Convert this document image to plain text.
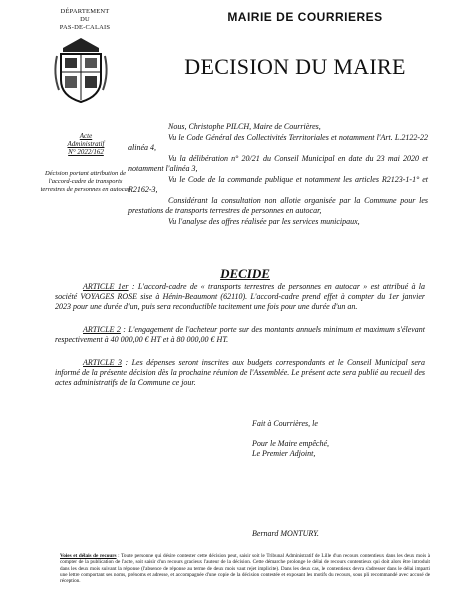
DÉPARTEMENT
DU
PAS-DE-CALAIS
MAIRIE DE COURRIERES
DECISION DU MAIRE
Acte
Administratif
N° 2022/162
Décision portant attribution de l'accord-cadre de transports terrestres de personnes en autocar

Nous, Christophe PILCH, Maire de Courrières,

Vu le Code Général des Collectivités Territoriales et notamment l'Art. L.2122-22 alinéa 4,

Vu la délibération n° 20/21 du Conseil Municipal en date du 23 mai 2020 et notamment l'alinéa 3,

Vu le Code de la commande publique et notamment les articles R2123-1-1° et R2162-3,

Considérant la consultation non allotie organisée par la Commune pour les prestations de transports terrestres de personnes en autocar,

Vu l'analyse des offres réalisée par les services municipaux,

DECIDE

ARTICLE 1er : L'accord-cadre de « transports terrestres de personnes en autocar » est attribué à la société VOYAGES ROSE sise à Hénin-Beaumont (62110). L'accord-cadre prend effet à compter du 1er janvier 2023 pour une durée d'un, puis sera reconductible tacitement une fois pour une durée d'un an.

ARTICLE 2 : L'engagement de l'acheteur porte sur des montants annuels minimum et maximum s'élevant respectivement à 40 000,00 € HT et à 80 000,00 € HT.

ARTICLE 3 : Les dépenses seront inscrites aux budgets correspondants et le Conseil Municipal sera informé de la présente décision dès la prochaine réunion de l'Assemblée. Le présent acte sera publié au recueil des actes administratifs de la Commune ce jour.

Fait à Courrières, le

Pour le Maire empêché,

Le Premier Adjoint,

Bernard MONTURY.
Voies et délais de recours : Toute personne qui désire contester cette décision peut, saisir soit le Tribunal Administratif de Lille d'un recours contentieux dans les deux mois à compter de la publication de l'acte, soit saisir d'un recours gracieux l'auteur de la décision. Cette démarche prolonge le délai de recours contentieux qui doit alors être introduit dans les deux mois suivant la réponse (l'absence de réponse au terme de deux mois vaut rejet implicite). Dans les deux cas, le contentieux devra s'adresser dans le délai imparti une lettre comportant ses noms, prénoms et adresse, et accompagnée d'une copie de la décision contestée et exposant les motifs du recours, sous pli recommandé avec accusé de réception.
